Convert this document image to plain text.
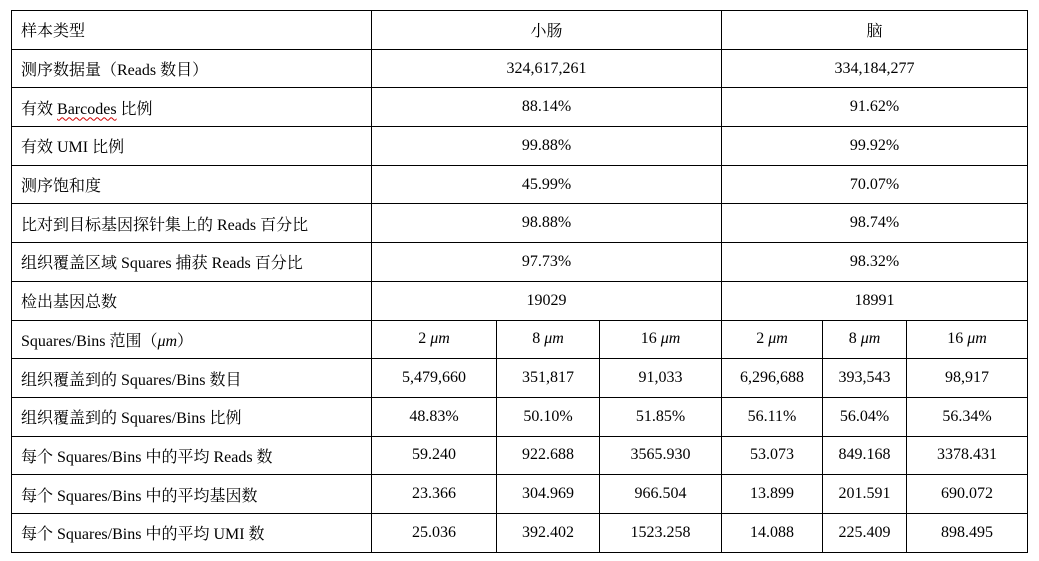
样本类型	小肠			脑		
测序数据量（Reads 数目）	324,617,261			334,184,277		
有效 Barcodes 比例	88.14%			91.62%		
有效 UMI 比例	99.88%			99.92%		
测序饱和度	45.99%			70.07%		
比对到目标基因探针集上的 Reads 百分比	98.88%			98.74%		
组织覆盖区域 Squares 捕获 Reads 百分比	97.73%			98.32%		
检出基因总数	19029			18991		
Squares/Bins 范围（μm）	2 μm	8 μm	16 μm	2 μm	8 μm	16 μm
组织覆盖到的 Squares/Bins 数目	5,479,660	351,817	91,033	6,296,688	393,543	98,917
组织覆盖到的 Squares/Bins 比例	48.83%	50.10%	51.85%	56.11%	56.04%	56.34%
每个 Squares/Bins 中的平均 Reads 数	59.240	922.688	3565.930	53.073	849.168	3378.431
每个 Squares/Bins 中的平均基因数	23.366	304.969	966.504	13.899	201.591	690.072
每个 Squares/Bins 中的平均 UMI 数	25.036	392.402	1523.258	14.088	225.409	898.495
